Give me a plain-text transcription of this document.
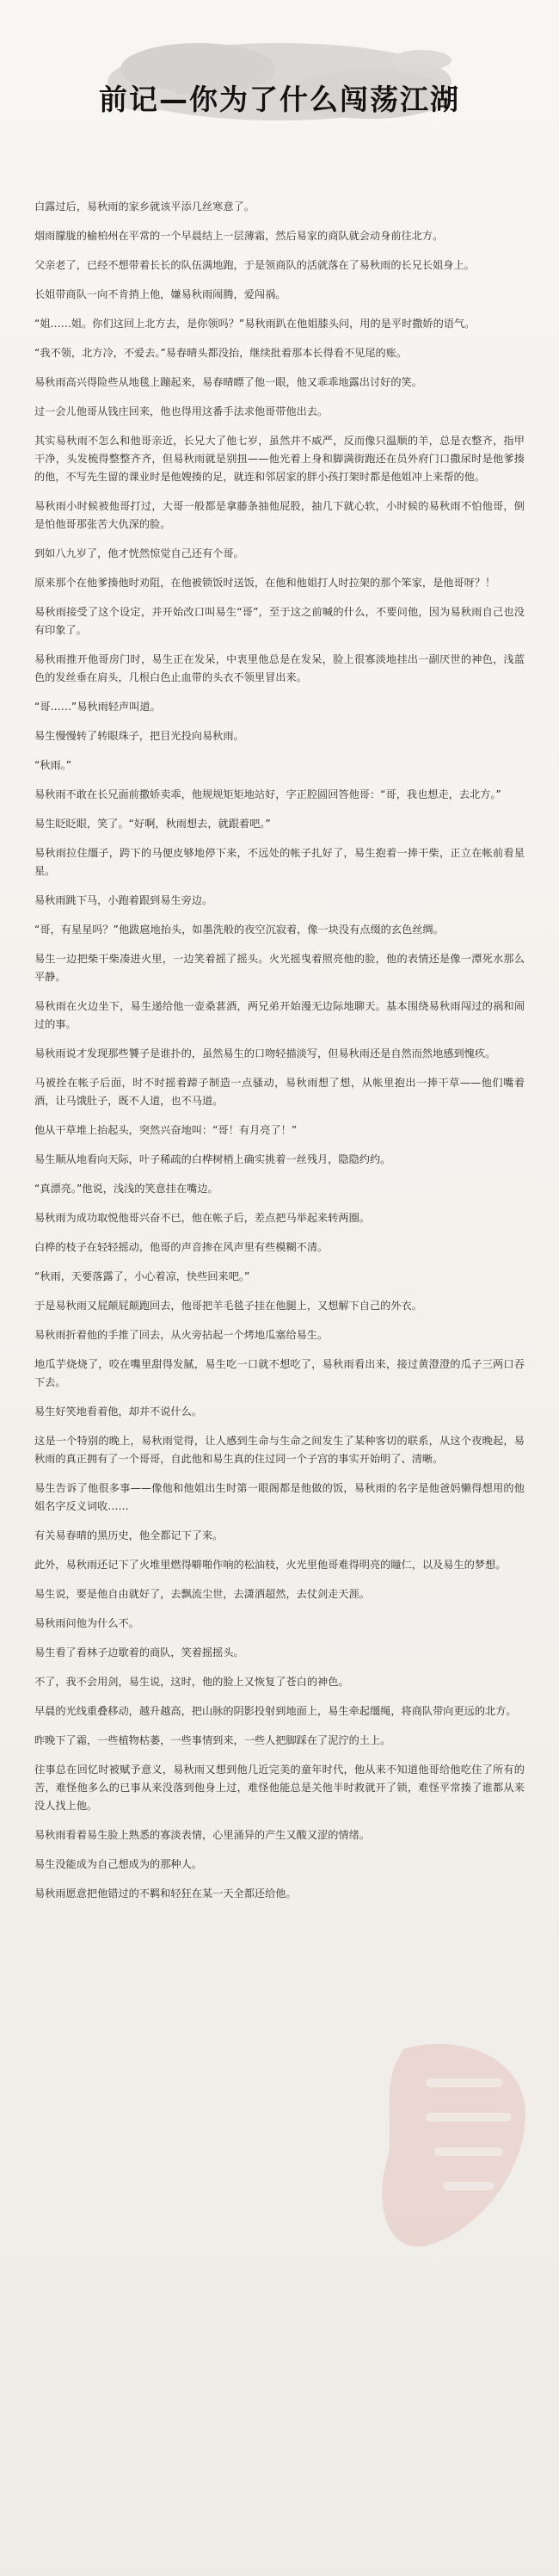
前记—你为了什么闯荡江湖

白露过后，易秋雨的家乡就该平添几丝寒意了。

烟雨朦胧的榆柏州在平常的一个早晨结上一层薄霜，然后易家的商队就会动身前往北方。

父亲老了，已经不想带着长长的队伍满地跑，于是领商队的活就落在了易秋雨的长兄长姐身上。

长姐带商队一向不肯捎上他，嫌易秋雨闹腾，爱闯祸。

“姐……姐。你们这回上北方去，是你领吗？”易秋雨趴在他姐膝头问，用的是平时撒娇的语气。

“我不领，北方冷，不爱去。”易春晴头都没抬，继续批着那本长得看不见尾的账。

易秋雨高兴得险些从地毯上蹦起来，易春晴瞟了他一眼，他又乖乖地露出讨好的笑。

过一会儿他哥从钱庄回来，他也得用这番手法求他哥带他出去。

其实易秋雨不怎么和他哥亲近，长兄大了他七岁，虽然并不威严，反而像只温顺的羊，总是衣整齐，指甲干净，头发梳得整整齐齐，但易秋雨就是别扭——他光着上身和脚满街跑还在员外府门口撒尿时是他爹揍的他，不写先生留的课业时是他嫂揍的足，就连和邻居家的胖小孩打架时都是他姐冲上来帮的他。

易秋雨小时候被他哥打过，大哥一般都是拿藤条抽他屁股，抽几下就心软，小时候的易秋雨不怕他哥，倒是怕他哥那张苦大仇深的脸。

到如八九岁了，他才恍然惊觉自己还有个哥。

原来那个在他爹揍他时劝阻，在他被锁饭时送饭，在他和他姐打人时拉架的那个笨家，是他哥呀？！

易秋雨接受了这个设定，并开始改口叫易生“哥”，至于这之前喊的什么，不要问他，因为易秋雨自己也没有印象了。

易秋雨推开他哥房门时，易生正在发呆，中衷里他总是在发呆，脸上很寡淡地挂出一副厌世的神色，浅蓝色的发丝垂在肩头，几根白色止血带的头衣不领里冒出来。

“哥……”易秋雨轻声叫道。

易生慢慢转了转眼珠子，把目光投向易秋雨。

“秋雨。”

易秋雨不敢在长兄面前撒娇卖乖，他规规矩矩地站好，字正腔圆回答他哥：“哥，我也想走，去北方。”

易生眨眨眼，笑了。“好啊，秋雨想去，就跟着吧。”

易秋雨拉住缰子，跨下的马便皮够地停下来，不远处的帐子扎好了，易生抱着一捧干柴，正立在帐前看星星。

易秋雨跳下马，小跑着跟到易生旁边。

“哥，有星星吗？”他跋扈地抬头，如墨洗般的夜空沉寂着，像一块没有点缀的玄色丝绸。

易生一边把柴干柴凑进火里，一边笑着摇了摇头。火光摇曳着照亮他的脸，他的表情还是像一潭死水那么平静。

易秋雨在火边坐下，易生递给他一壶桑葚酒，两兄弟开始漫无边际地聊天。基本围绕易秋雨闯过的祸和闹过的事。

易秋雨说才发现那些饕子是谁扑的，虽然易生的口吻轻描淡写，但易秋雨还是自然而然地感到愧疚。

马被拴在帐子后面，时不时摇着蹄子制造一点骚动，易秋雨想了想，从帐里抱出一捧干草——他们嘴着酒，让马饿肚子，既不人道，也不马道。

他从干草堆上抬起头，突然兴奋地叫：“哥！有月亮了！”

易生顺从地看向天际，叶子稀疏的白桦树梢上确实挑着一丝残月，隐隐约约。

“真漂亮。”他说，浅浅的笑意挂在嘴边。

易秋雨为成功取悦他哥兴奋不已，他在帐子后，差点把马举起来转两圈。

白桦的枝子在轻轻摇动，他哥的声音掺在风声里有些模糊不清。

“秋雨，天要落露了，小心着凉，快些回来吧。”

于是易秋雨又屁颠屁颠跑回去，他哥把羊毛毯子挂在他腿上，又想解下自己的外衣。

易秋雨折着他的手推了回去，从火旁拈起一个烤地瓜塞给易生。

地瓜芋烧烧了，咬在嘴里甜得发腻，易生吃一口就不想吃了，易秋雨看出来，接过黄澄澄的瓜子三两口吞下去。

易生好笑地看着他，却并不说什么。

这是一个特别的晚上，易秋雨觉得，让人感到生命与生命之间发生了某种客切的联系，从这个夜晚起，易秋雨的真正拥有了一个哥哥，自此他和易生真的住过同一个子宫的事实开始明了、清晰。

易生告诉了他很多事——像他和他姐出生时第一眼阁都是他做的饭，易秋雨的名字是他爸妈懒得想用的他姐名字反义词收……

有关易春晴的黑历史，他全都记下了来。

此外，易秋雨还记下了火堆里燃得噼啪作响的松油枝，火光里他哥难得明亮的瞳仁，以及易生的梦想。

易生说，要是他自由就好了，去飘流尘世，去潇洒超然，去仗剑走天涯。

易秋雨问他为什么不。

易生看了看林子边歇着的商队，笑着摇摇头。

不了，我不会用剑，易生说，这时，他的脸上又恢复了苍白的神色。

早晨的光线重叠移动，越升越高，把山脉的阴影投射到地面上，易生牵起缰绳，将商队带向更远的北方。

昨晚下了霜，一些植物枯萎，一些事情到来，一些人把脚踩在了泥泞的土上。

往事总在回忆时被赋予意义，易秋雨又想到他几近完美的童年时代，他从来不知道他哥给他吃住了所有的苦，难怪他多么的已事从来没落到他身上过，难怪他能总是关他半时救就开了锁，难怪平常揍了谁都从来没人找上他。

易秋雨看着易生脸上熟悉的寡淡表情，心里涌异的产生又酸又涩的情绪。

易生没能成为自己想成为的那种人。

易秋雨愿意把他错过的不羁和轻狂在某一天全都还给他。
